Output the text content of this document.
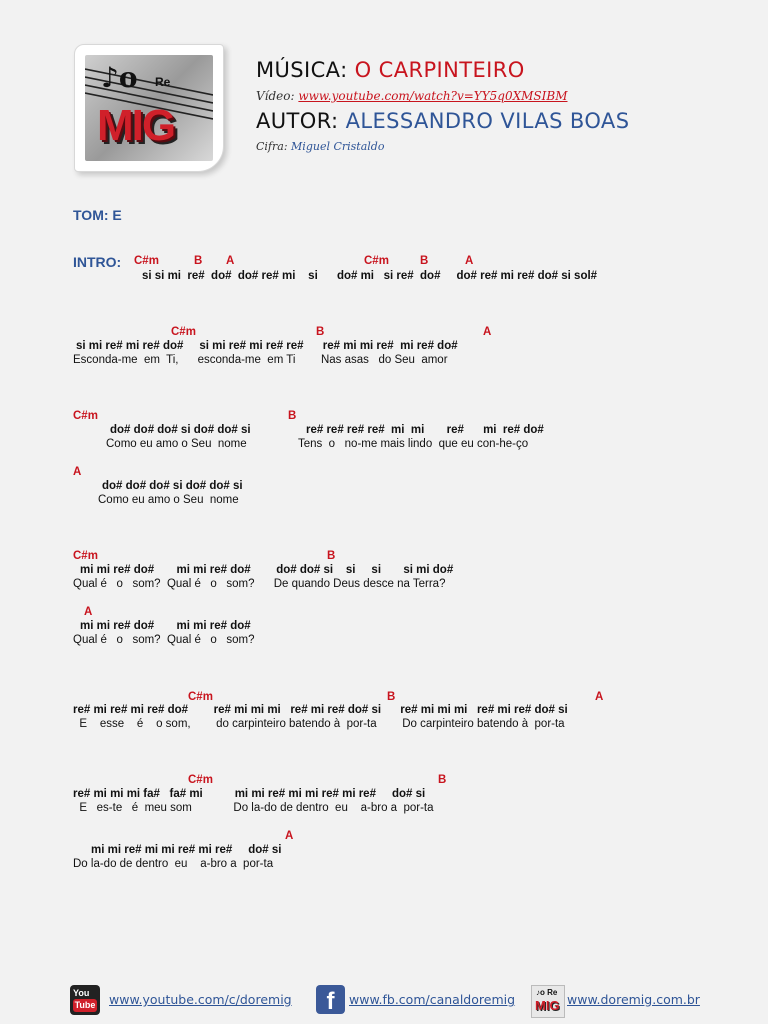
♪o Re
MIG
MÚSICA: O CARPINTEIRO
Vídeo: www.youtube.com/watch?v=YY5q0XMSIBM
AUTOR: ALESSANDRO VILAS BOAS
Cifra: Miguel Cristaldo
TOM: E
INTRO: C#m	B A	C#m	B	A
si si mi  re#  do#  do# re# mi    si      do# mi   si re#  do#     do# re# mi re# do# si sol#
C#m	B	A
si mi re# mi re# do#     si mi re# mi re# re#      re# mi mi re#  mi re# do#
Esconda-me  em  Ti,      esconda-me  em Ti        Nas asas   do Seu  amor
C#m	B
do# do# do# si do# do# si	re# re# re# re#  mi  mi       re#      mi  re# do#
Como eu amo o Seu  nome	Tens  o   no-me mais lindo  que eu con-he-ço
A
do# do# do# si do# do# si
Como eu amo o Seu  nome
C#m	B
mi mi re# do#       mi mi re# do#        do# do# si    si     si       si mi do#
Qual é   o   som?  Qual é   o   som?      De quando Deus desce na Terra?
A
mi mi re# do#       mi mi re# do#
Qual é   o   som?  Qual é   o   som?
C#m	B	A
re# mi re# mi re# do#        re# mi mi mi   re# mi re# do# si      re# mi mi mi   re# mi re# do# si
E    esse    é    o som,        do carpinteiro batendo à  por-ta        Do carpinteiro batendo à  por-ta
C#m	B
re# mi mi mi fa#   fa# mi          mi mi re# mi mi re# mi re#     do# si
E   es-te   é  meu som             Do la-do de dentro  eu    a-bro a  por-ta
A
mi mi re# mi mi re# mi re#     do# si
Do la-do de dentro  eu    a-bro a  por-ta
You
Tube www.youtube.com/c/doremig	f	www.fb.com/canaldoremig	♪o Re
MIG www.doremig.com.br
